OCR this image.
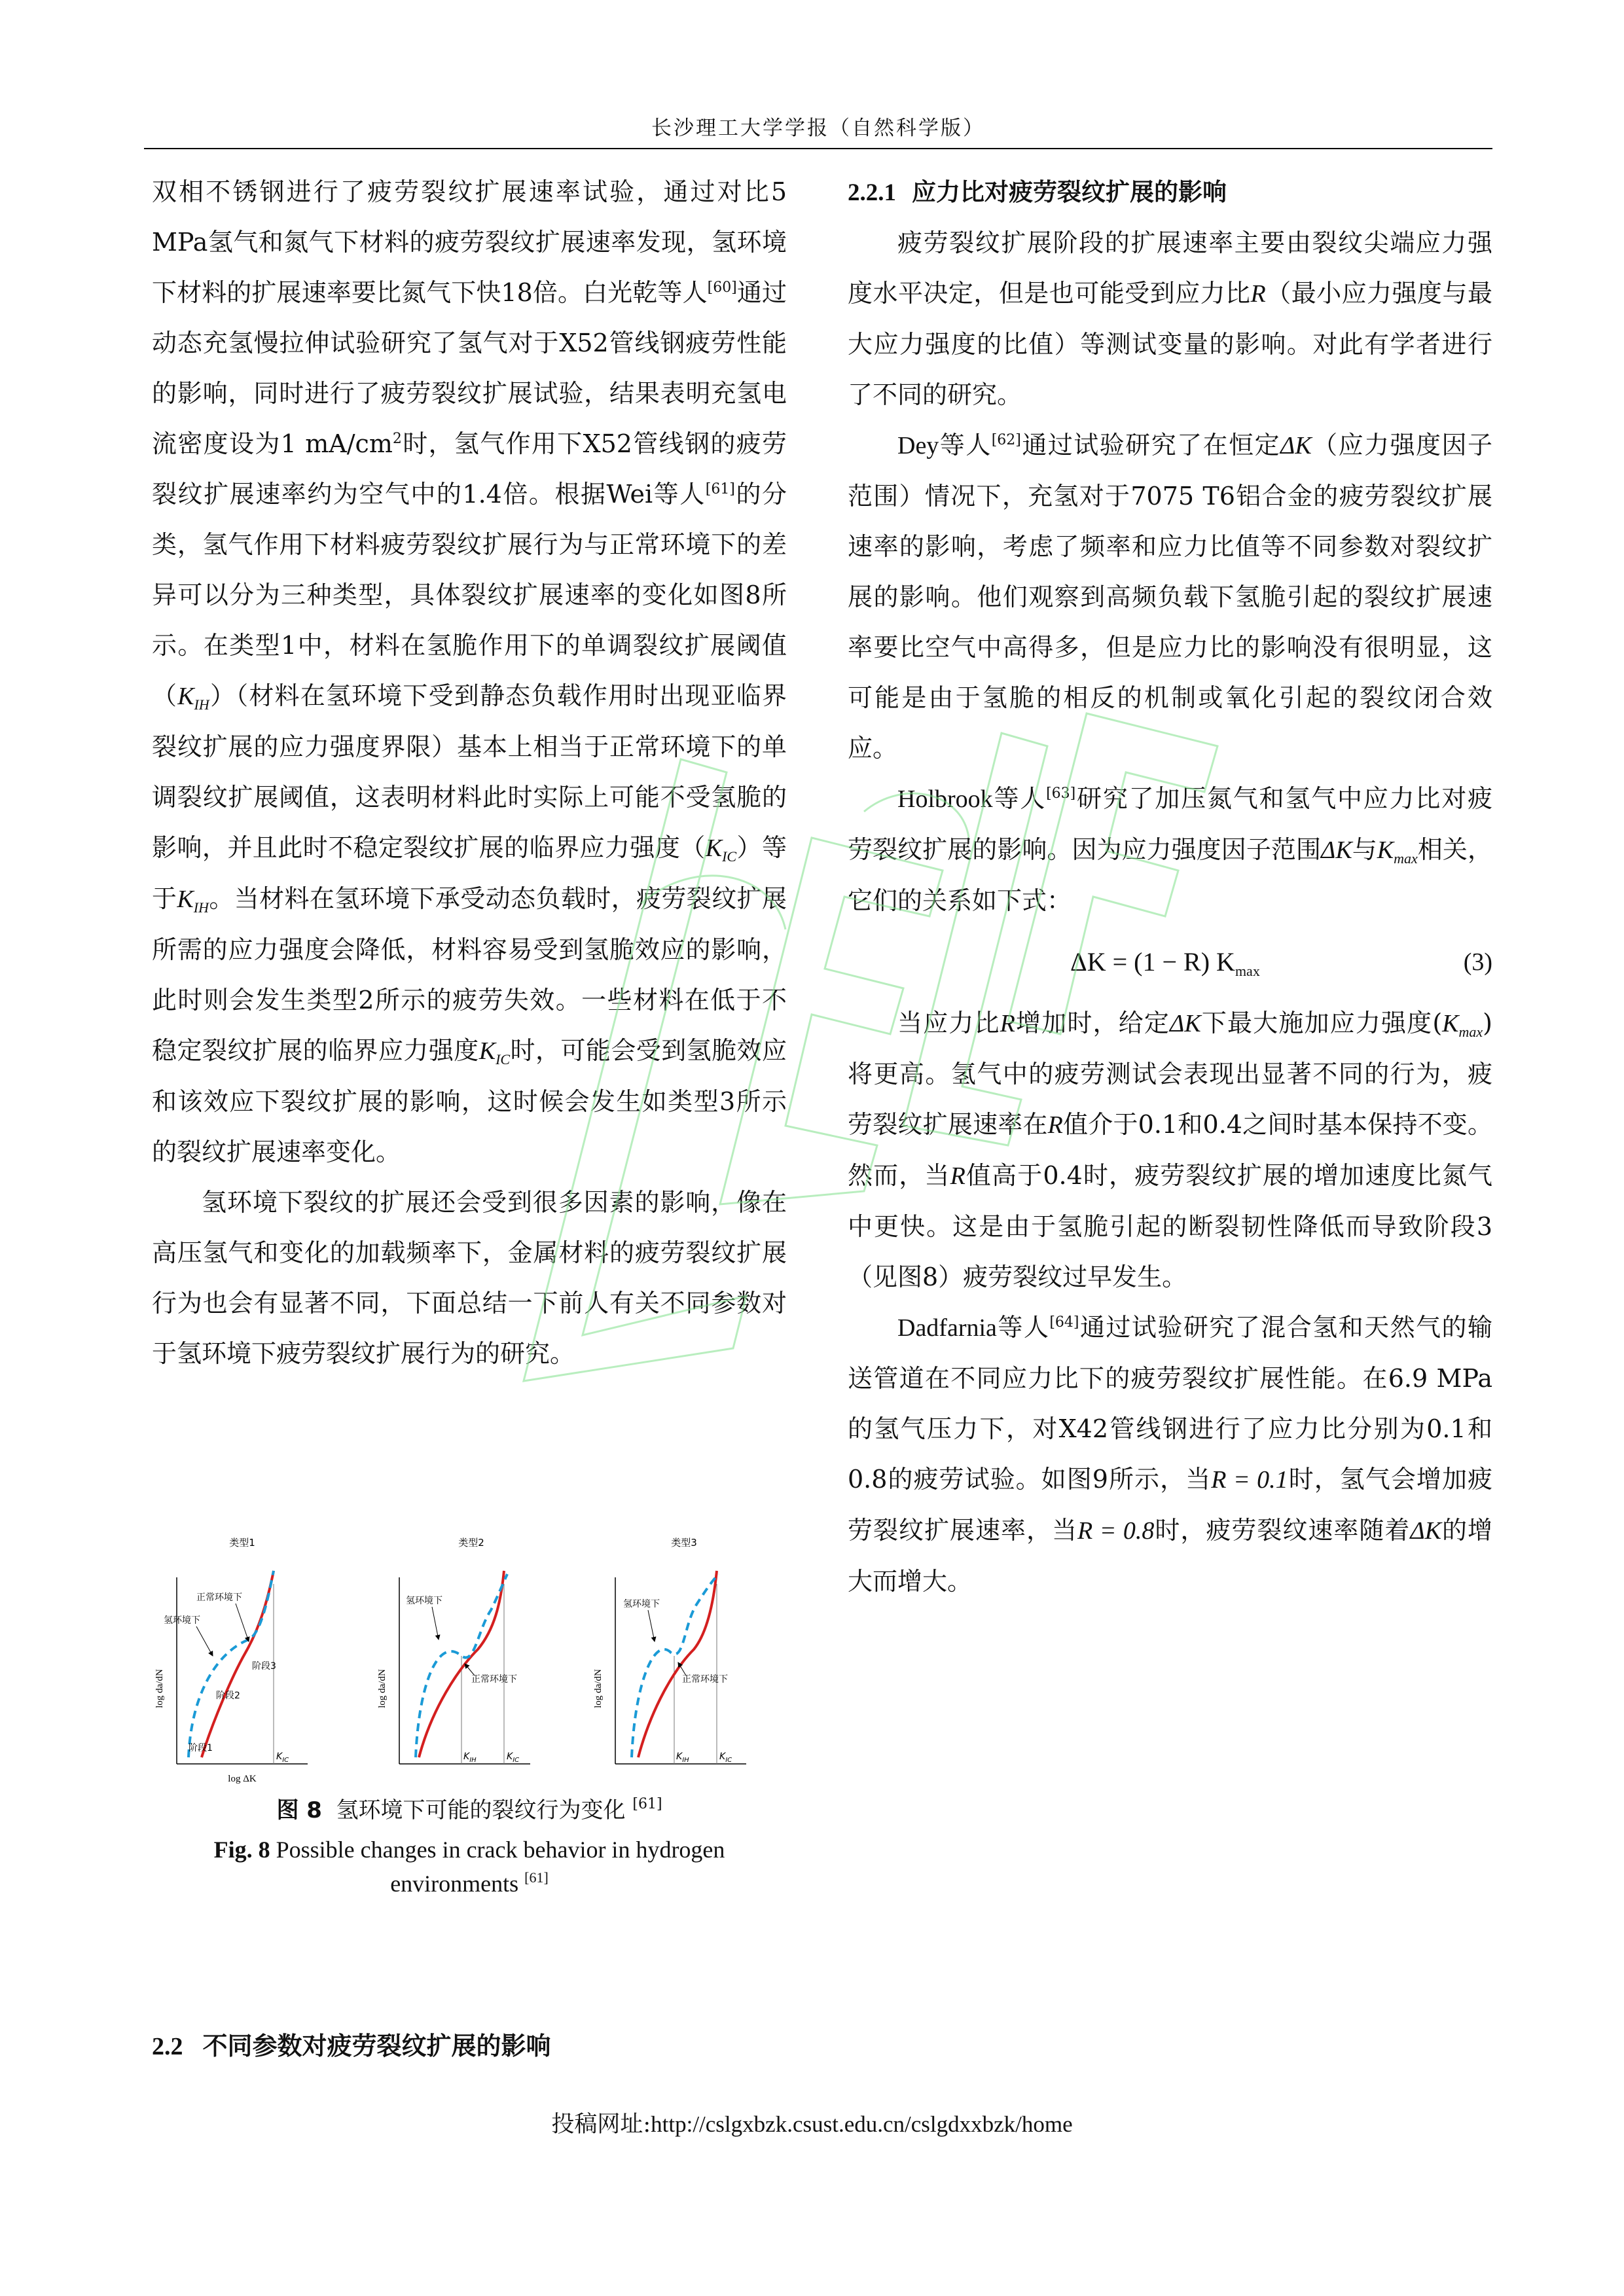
长沙理工大学学报（自然科学版）

双相不锈钢进行了疲劳裂纹扩展速率试验，通过对比5 MPa氢气和氮气下材料的疲劳裂纹扩展速率发现，氢环境下材料的扩展速率要比氮气下快18倍。白光乾等人[60]通过动态充氢慢拉伸试验研究了氢气对于X52管线钢疲劳性能的影响，同时进行了疲劳裂纹扩展试验，结果表明充氢电流密度设为1 $mA/cm^2$时，氢气作用下X52管线钢的疲劳裂纹扩展速率约为空气中的1.4倍。根据Wei等人[61]的分类，氢气作用下材料疲劳裂纹扩展行为与正常环境下的差异可以分为三种类型，具体裂纹扩展速率的变化如图8所示。在类型1中，材料在氢脆作用下的单调裂纹扩展阈值$(K_{IH})$（材料在氢环境下受到静态负载作用时出现亚临界裂纹扩展的应力强度界限）基本上相当于正常环境下的单调裂纹扩展阈值，这表明材料此时实际上可能不受氢脆的影响，并且此时不稳定裂纹扩展的临界应力强度$(K_{IC})$等于$K_{IH}$。当材料在氢环境下承受动态负载时，疲劳裂纹扩展所需的应力强度会降低，材料容易受到氢脆效应的影响，此时则会发生类型2所示的疲劳失效。一些材料在低于不稳定裂纹扩展的临界应力强度$K_{IC}$时，可能会受到氢脆效应和该效应下裂纹扩展的影响，这时候会发生如类型3所示的裂纹扩展速率变化。

氢环境下裂纹的扩展还会受到很多因素的影响，像在高压氢气和变化的加载频率下，金属材料的疲劳裂纹扩展行为也会有显著不同，下面总结一下前人有关不同参数对于氢环境下疲劳裂纹扩展行为的研究。

类型1
正常环境下
氢环境下
阶段3
阶段2
阶段1
$K_{IC}$
log da/dN
log ΔK
类型2
氢环境下
正常环境下
$K_{IH}$	$K_{IC}$
log da/dN
类型3
氢环境下
正常环境下
$K_{IH}$	$K_{IC}$
log da/dN
图 8 氢环境下可能的裂纹行为变化 [61]
Fig. 8 Possible changes in crack behavior in hydrogen environments [61]
2.2 不同参数对疲劳裂纹扩展的影响

2.2.1 应力比对疲劳裂纹扩展的影响

疲劳裂纹扩展阶段的扩展速率主要由裂纹尖端应力强度水平决定，但是也可能受到应力比R（最小应力强度与最大应力强度的比值）等测试变量的影响。对此有学者进行了不同的研究。

Dey等人[62]通过试验研究了在恒定ΔK（应力强度因子范围）情况下，充氢对于7075 T6铝合金的疲劳裂纹扩展速率的影响，考虑了频率和应力比值等不同参数对裂纹扩展的影响。他们观察到高频负载下氢脆引起的裂纹扩展速率要比空气中高得多，但是应力比的影响没有很明显，这可能是由于氢脆的相反的机制或氧化引起的裂纹闭合效应。

Holbrook等人[63]研究了加压氮气和氢气中应力比对疲劳裂纹扩展的影响。因为应力强度因子范围ΔK与$K_{max}$相关，它们的关系如下式：

ΔK = (1 − R) $K_{max}$	(3)

当应力比R增加时，给定ΔK下最大施加应力强度$(K_{max})$将更高。氢气中的疲劳测试会表现出显著不同的行为，疲劳裂纹扩展速率在R值介于0.1和0.4之间时基本保持不变。然而，当R值高于0.4时，疲劳裂纹扩展的增加速度比氮气中更快。这是由于氢脆引起的断裂韧性降低而导致阶段3（见图8）疲劳裂纹过早发生。

Dadfarnia等人[64]通过试验研究了混合氢和天然气的输送管道在不同应力比下的疲劳裂纹扩展性能。在6.9 MPa的氢气压力下，对X42管线钢进行了应力比分别为0.1和0.8的疲劳试验。如图9所示，当R = 0.1时，氢气会增加疲劳裂纹扩展速率，当R = 0.8时，疲劳裂纹速率随着ΔK的增大而增大。

投稿网址:http://cslgxbzk.csust.edu.cn/cslgdxxbzk/home
